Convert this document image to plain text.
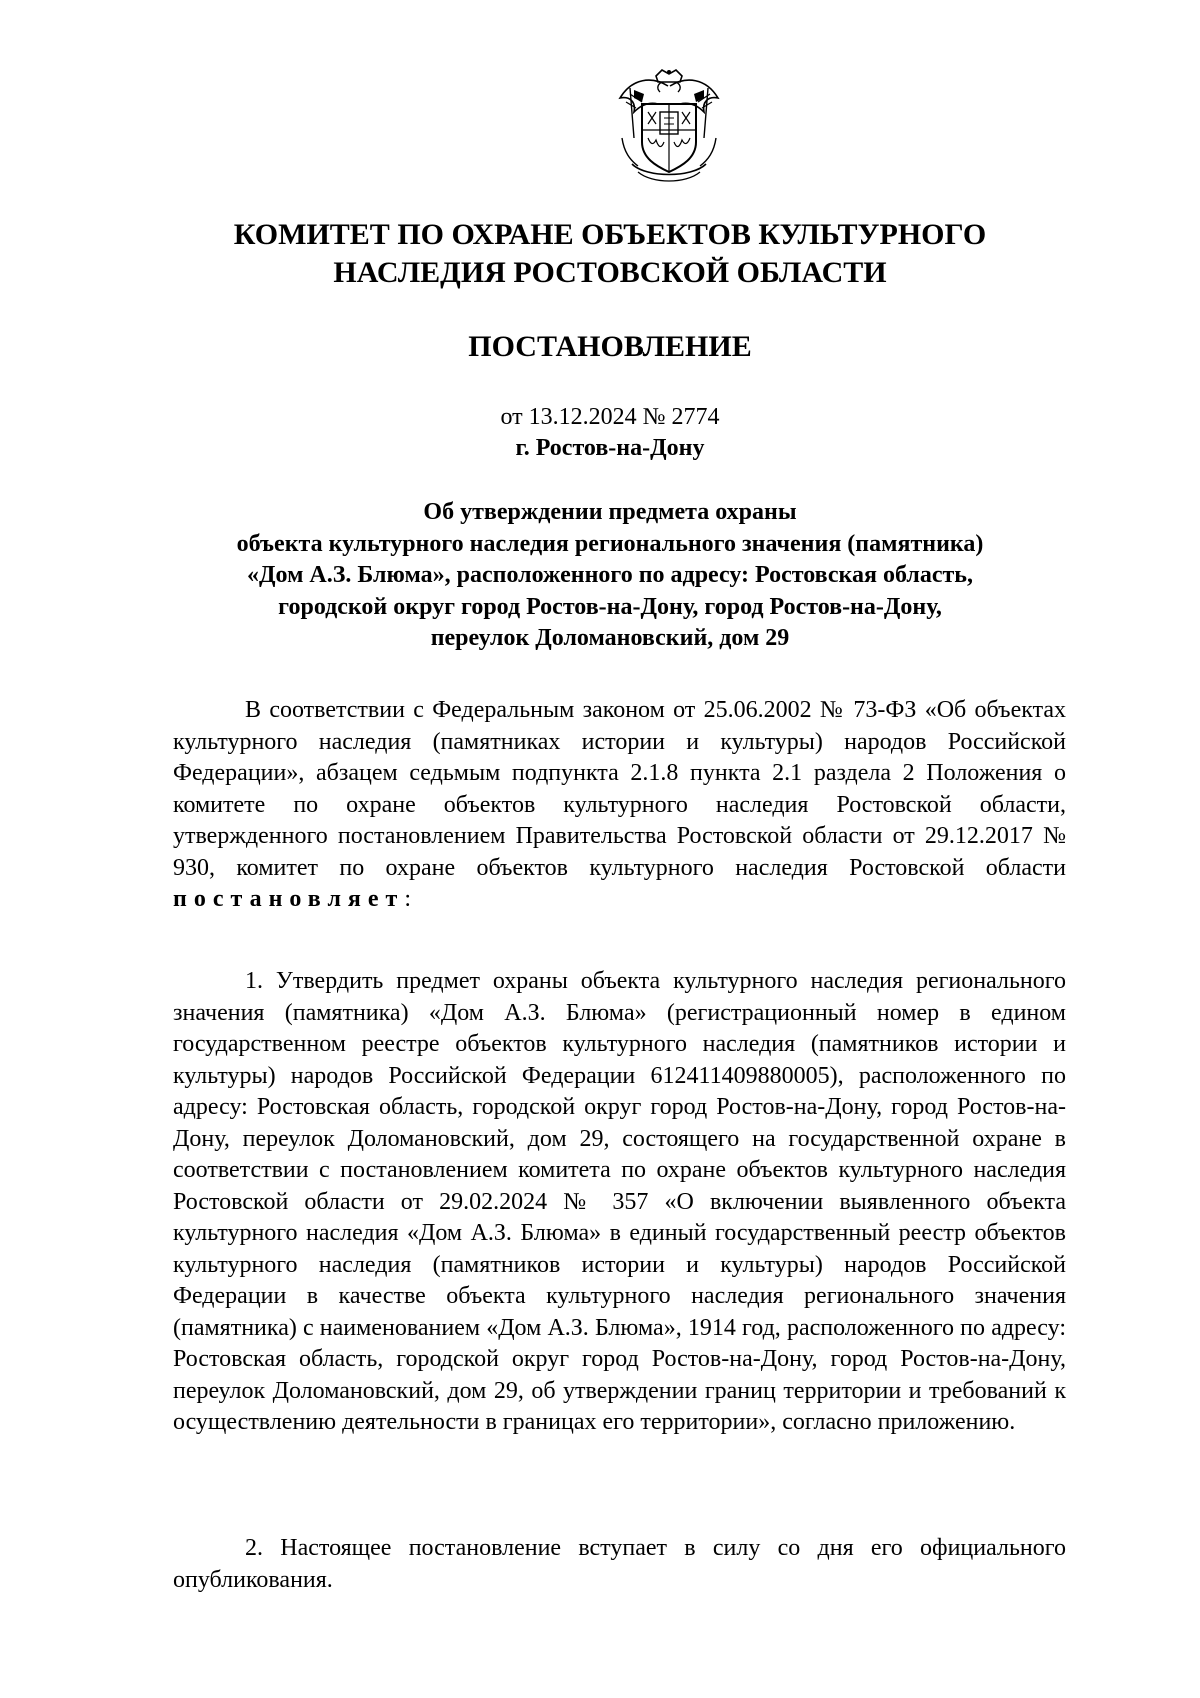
КОМИТЕТ ПО ОХРАНЕ ОБЪЕКТОВ КУЛЬТУРНОГО
НАСЛЕДИЯ РОСТОВСКОЙ ОБЛАСТИ
ПОСТАНОВЛЕНИЕ
от 13.12.2024 № 2774
г. Ростов-на-Дону
Об утверждении предмета охраны
объекта культурного наследия регионального значения (памятника)
«Дом А.З. Блюма», расположенного по адресу: Ростовская область,
городской округ город Ростов-на-Дону, город Ростов-на-Дону,
переулок Доломановский, дом 29

В соответствии с Федеральным законом от 25.06.2002 № 73-ФЗ «Об объектах культурного наследия (памятниках истории и культуры) народов Российской Федерации», абзацем седьмым подпункта 2.1.8 пункта 2.1 раздела 2 Положения о комитете по охране объектов культурного наследия Ростовской области, утвержденного постановлением Правительства Ростовской области от 29.12.2017 № 930, комитет по охране объектов культурного наследия Ростовской области постановляет:

1. Утвердить предмет охраны объекта культурного наследия регионального значения (памятника) «Дом А.З. Блюма» (регистрационный номер в едином государственном реестре объектов культурного наследия (памятников истории и культуры) народов Российской Федерации 612411409880005), расположенного по адресу: Ростовская область, городской округ город Ростов-на-Дону, город Ростов-на-Дону, переулок Доломановский, дом 29, состоящего на государственной охране в соответствии с постановлением комитета по охране объектов культурного наследия Ростовской области от 29.02.2024 № 357 «О включении выявленного объекта культурного наследия «Дом А.З. Блюма» в единый государственный реестр объектов культурного наследия (памятников истории и культуры) народов Российской Федерации в качестве объекта культурного наследия регионального значения (памятника) с наименованием «Дом А.З. Блюма», 1914 год, расположенного по адресу: Ростовская область, городской округ город Ростов-на-Дону, город Ростов-на-Дону, переулок Доломановский, дом 29, об утверждении границ территории и требований к осуществлению деятельности в границах его территории», согласно приложению.

2. Настоящее постановление вступает в силу со дня его официального опубликования.
